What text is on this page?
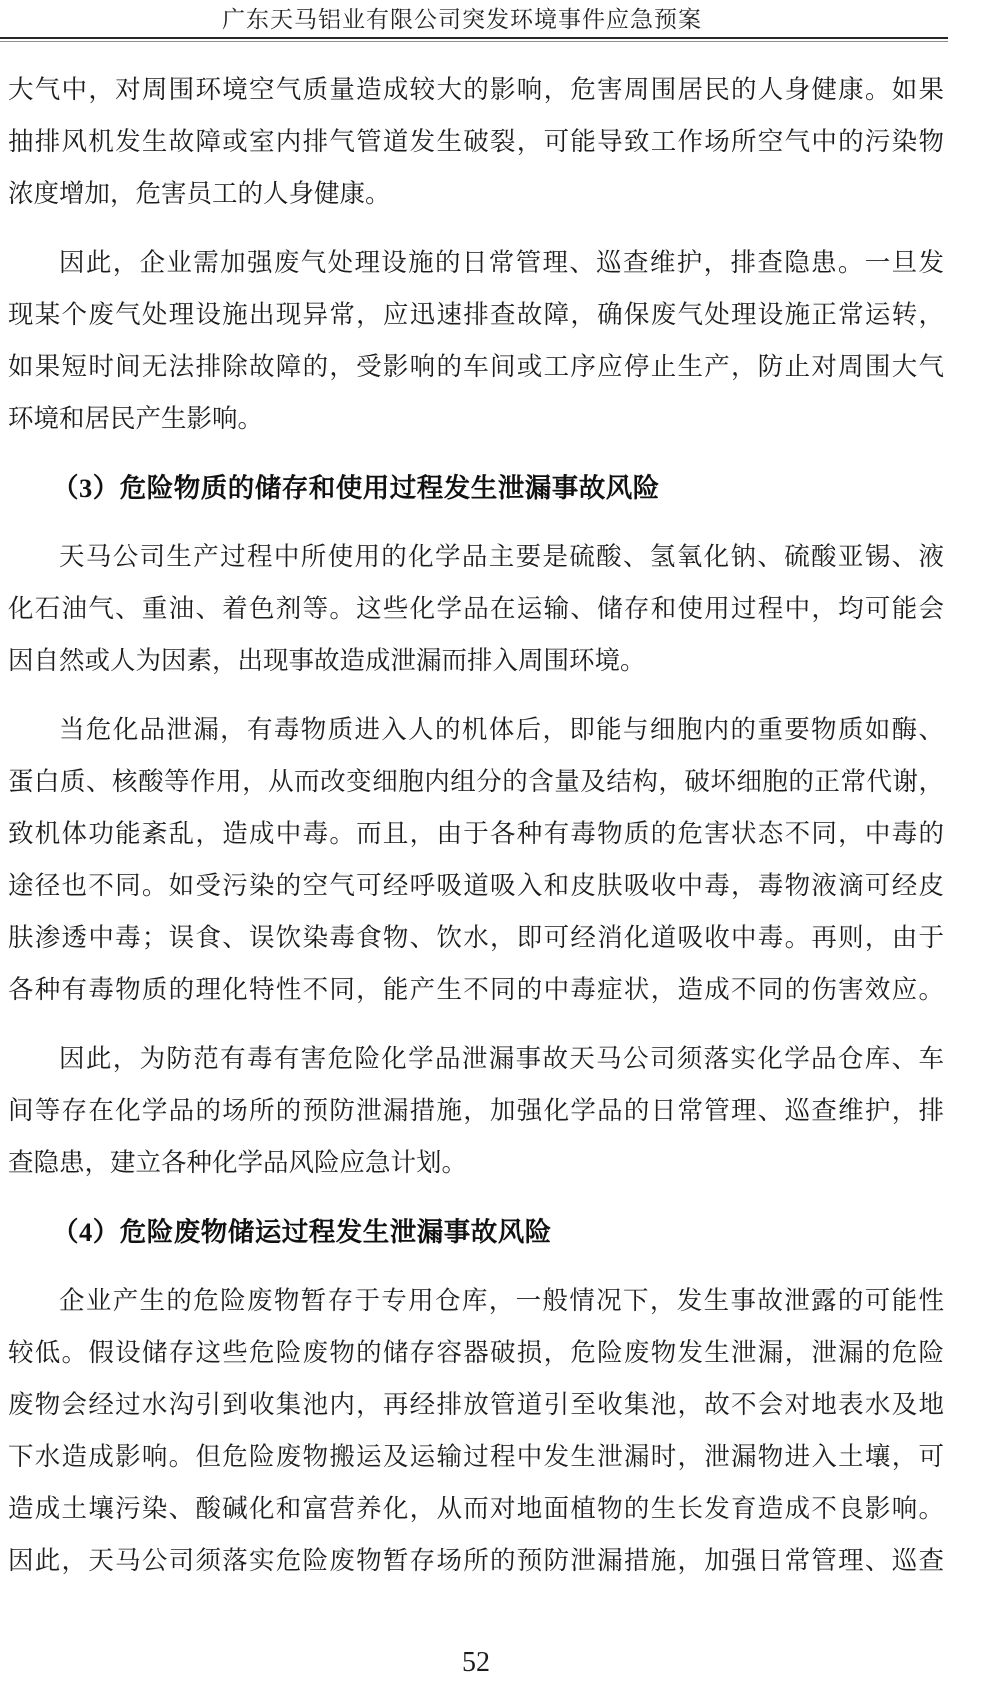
广东天马铝业有限公司突发环境事件应急预案
大气中，对周围环境空气质量造成较大的影响，危害周围居民的人身健康。如果
抽排风机发生故障或室内排气管道发生破裂，可能导致工作场所空气中的污染物
浓度增加，危害员工的人身健康。
因此，企业需加强废气处理设施的日常管理、巡查维护，排查隐患。一旦发
现某个废气处理设施出现异常，应迅速排查故障，确保废气处理设施正常运转，
如果短时间无法排除故障的，受影响的车间或工序应停止生产，防止对周围大气
环境和居民产生影响。
（3）危险物质的储存和使用过程发生泄漏事故风险
天马公司生产过程中所使用的化学品主要是硫酸、氢氧化钠、硫酸亚锡、液
化石油气、重油、着色剂等。这些化学品在运输、储存和使用过程中，均可能会
因自然或人为因素，出现事故造成泄漏而排入周围环境。
当危化品泄漏，有毒物质进入人的机体后，即能与细胞内的重要物质如酶、
蛋白质、核酸等作用，从而改变细胞内组分的含量及结构，破坏细胞的正常代谢，
致机体功能紊乱，造成中毒。而且，由于各种有毒物质的危害状态不同，中毒的
途径也不同。如受污染的空气可经呼吸道吸入和皮肤吸收中毒，毒物液滴可经皮
肤渗透中毒；误食、误饮染毒食物、饮水，即可经消化道吸收中毒。再则，由于
各种有毒物质的理化特性不同，能产生不同的中毒症状，造成不同的伤害效应。
因此，为防范有毒有害危险化学品泄漏事故天马公司须落实化学品仓库、车
间等存在化学品的场所的预防泄漏措施，加强化学品的日常管理、巡查维护，排
查隐患，建立各种化学品风险应急计划。
（4）危险废物储运过程发生泄漏事故风险
企业产生的危险废物暂存于专用仓库，一般情况下，发生事故泄露的可能性
较低。假设储存这些危险废物的储存容器破损，危险废物发生泄漏，泄漏的危险
废物会经过水沟引到收集池内，再经排放管道引至收集池，故不会对地表水及地
下水造成影响。但危险废物搬运及运输过程中发生泄漏时，泄漏物进入土壤，可
造成土壤污染、酸碱化和富营养化，从而对地面植物的生长发育造成不良影响。
因此，天马公司须落实危险废物暂存场所的预防泄漏措施，加强日常管理、巡查
52
